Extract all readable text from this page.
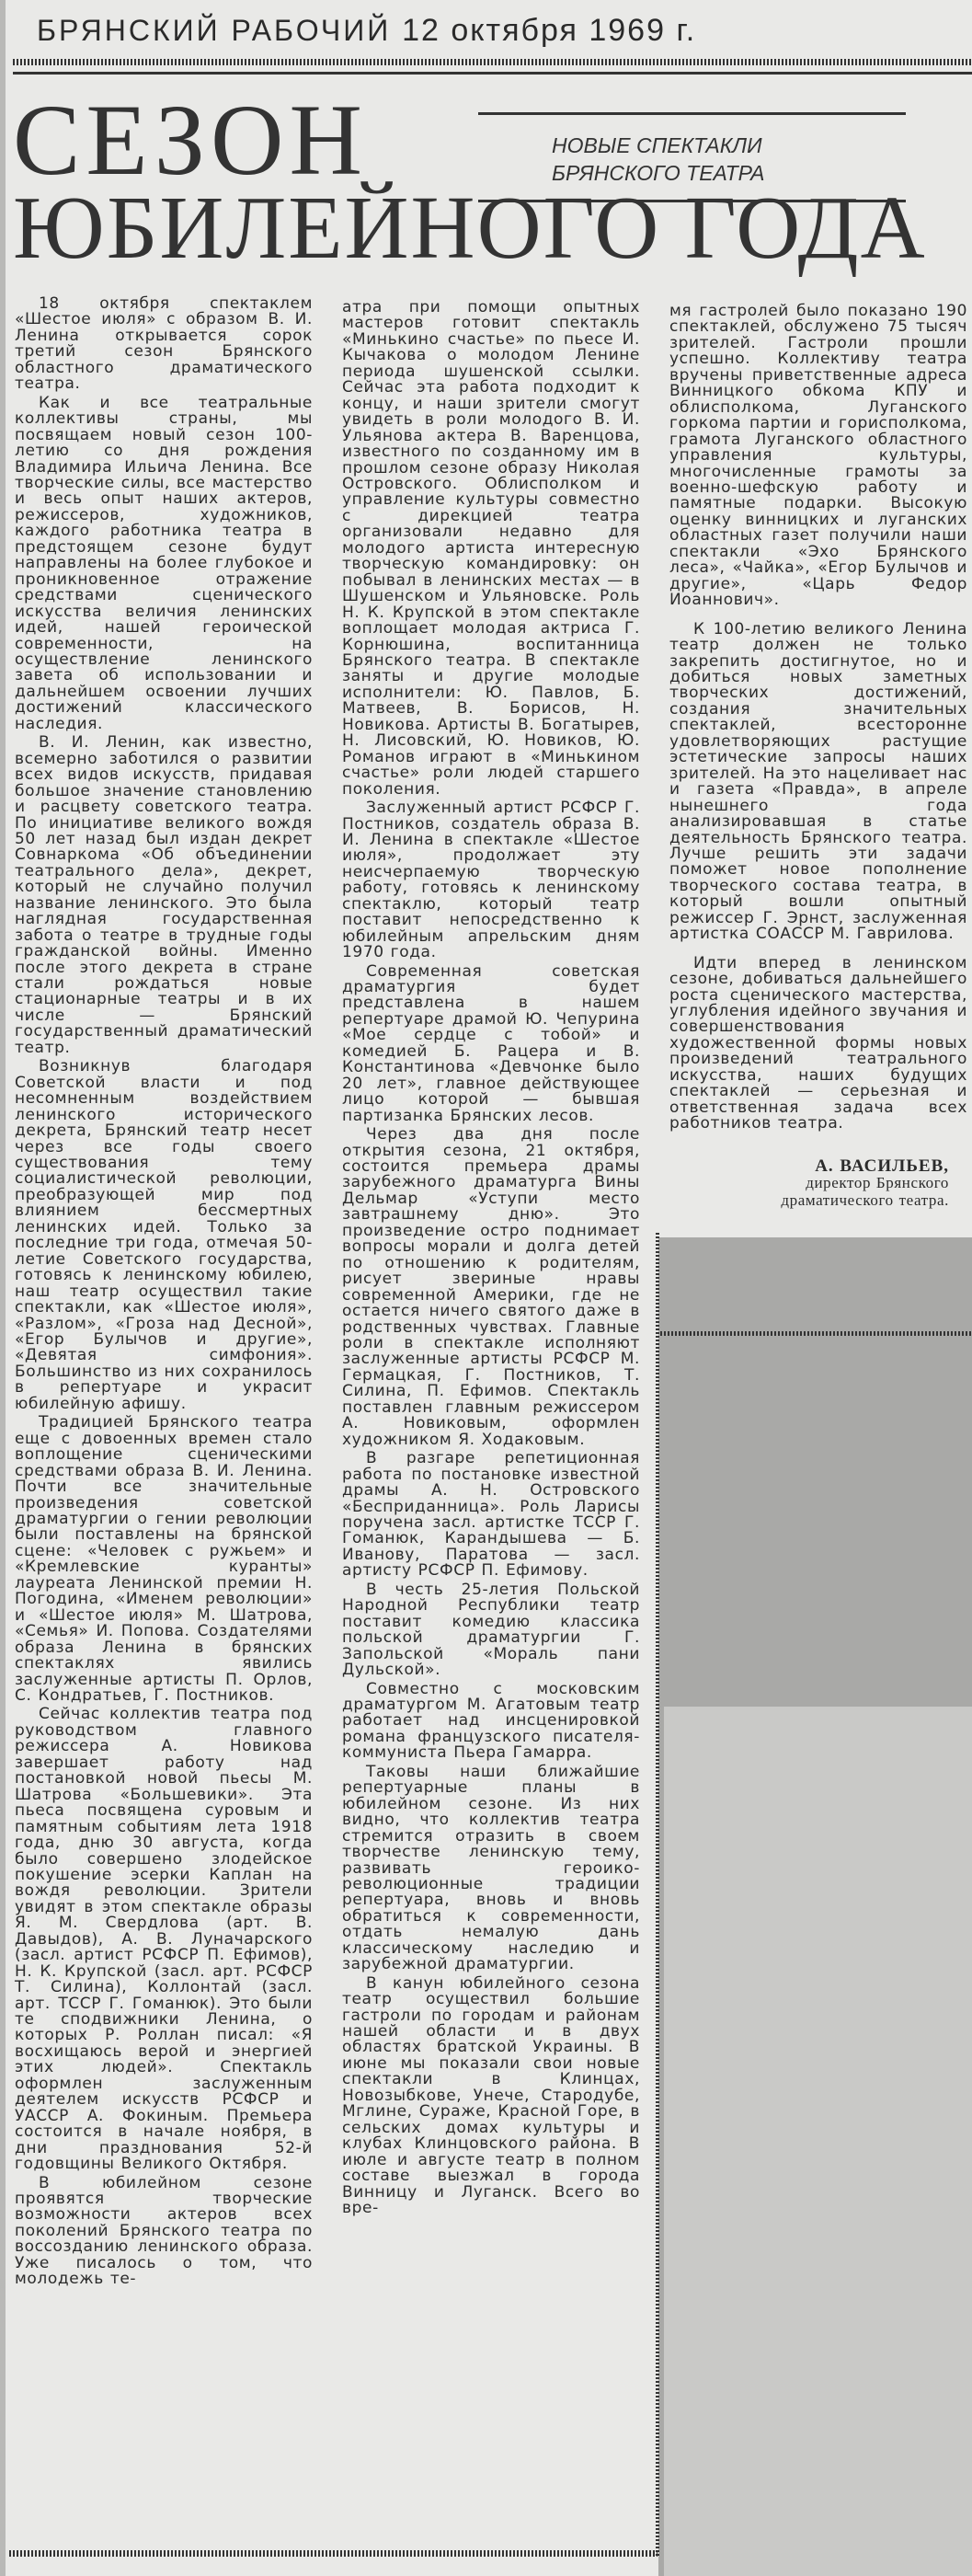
БРЯНСКИЙ РАБОЧИЙ 12 октября 1969 г.
СЕЗОН
ЮБИЛЕЙНОГО ГОДА
НОВЫЕ СПЕКТАКЛИ
БРЯНСКОГО ТЕАТРА

18 октября спектаклем «Шестое июля» с образом В. И. Ленина открывается сорок третий сезон Брянского областного драматического театра.

Как и все театральные коллективы страны, мы посвящаем новый сезон 100-летию со дня рождения Владимира Ильича Ленина. Все творческие силы, все мастерство и весь опыт наших актеров, режиссеров, художников, каждого работника театра в предстоящем сезоне будут направлены на более глубокое и проникновенное отражение средствами сценического искусства величия ленинских идей, нашей героической современности, на осуществление ленинского завета об использовании и дальнейшем освоении лучших достижений классического наследия.

В. И. Ленин, как известно, всемерно заботился о развитии всех видов искусств, придавая большое значение становлению и расцвету советского театра. По инициативе великого вождя 50 лет назад был издан декрет Совнаркома «Об объединении театрального дела», декрет, который не случайно получил название ленинского. Это была наглядная государственная забота о театре в трудные годы гражданской войны. Именно после этого декрета в стране стали рождаться новые стационарные театры и в их числе — Брянский государственный драматический театр.

Возникнув благодаря Советской власти и под несомненным воздействием ленинского исторического декрета, Брянский театр несет через все годы своего существования тему социалистической революции, преобразующей мир под влиянием бессмертных ленинских идей. Только за последние три года, отмечая 50-летие Советского государства, готовясь к ленинскому юбилею, наш театр осуществил такие спектакли, как «Шестое июля», «Разлом», «Гроза над Десной», «Егор Булычов и другие», «Девятая симфония». Большинство из них сохранилось в репертуаре и украсит юбилейную афишу.

Традицией Брянского театра еще с довоенных времен стало воплощение сценическими средствами образа В. И. Ленина. Почти все значительные произведения советской драматургии о гении революции были поставлены на брянской сцене: «Человек с ружьем» и «Кремлевские куранты» лауреата Ленинской премии Н. Погодина, «Именем революции» и «Шестое июля» М. Шатрова, «Семья» И. Попова. Создателями образа Ленина в брянских спектаклях явились заслуженные артисты П. Орлов, С. Кондратьев, Г. Постников.

Сейчас коллектив театра под руководством главного режиссера А. Новикова завершает работу над постановкой новой пьесы М. Шатрова «Большевики». Эта пьеса посвящена суровым и памятным событиям лета 1918 года, дню 30 августа, когда было совершено злодейское покушение эсерки Каплан на вождя революции. Зрители увидят в этом спектакле образы Я. М. Свердлова (арт. В. Давыдов), А. В. Луначарского (засл. артист РСФСР П. Ефимов), Н. К. Крупской (засл. арт. РСФСР Т. Силина), Коллонтай (засл. арт. ТССР Г. Гоманюк). Это были те сподвижники Ленина, о которых Р. Роллан писал: «Я восхищаюсь верой и энергией этих людей». Спектакль оформлен заслуженным деятелем искусств РСФСР и УАССР А. Фокиным. Премьера состоится в начале ноября, в дни празднования 52-й годовщины Великого Октября.

В юбилейном сезоне проявятся творческие возможности актеров всех поколений Брянского театра по воссозданию ленинского образа. Уже писалось о том, что молодежь те-

атра при помощи опытных мастеров готовит спектакль «Минькино счастье» по пьесе И. Кычакова о молодом Ленине периода шушенской ссылки. Сейчас эта работа подходит к концу, и наши зрители смогут увидеть в роли молодого В. И. Ульянова актера В. Варенцова, известного по созданному им в прошлом сезоне образу Николая Островского. Облисполком и управление культуры совместно с дирекцией театра организовали недавно для молодого артиста интересную творческую командировку: он побывал в ленинских местах — в Шушенском и Ульяновске. Роль Н. К. Крупской в этом спектакле воплощает молодая актриса Г. Корнюшина, воспитанница Брянского театра. В спектакле заняты и другие молодые исполнители: Ю. Павлов, Б. Матвеев, В. Борисов, Н. Новикова. Артисты В. Богатырев, Н. Лисовский, Ю. Новиков, Ю. Романов играют в «Минькином счастье» роли людей старшего поколения.

Заслуженный артист РСФСР Г. Постников, создатель образа В. И. Ленина в спектакле «Шестое июля», продолжает эту неисчерпаемую творческую работу, готовясь к ленинскому спектаклю, который театр поставит непосредственно к юбилейным апрельским дням 1970 года.

Современная советская драматургия будет представлена в нашем репертуаре драмой Ю. Чепурина «Мое сердце с тобой» и комедией Б. Рацера и В. Константинова «Девчонке было 20 лет», главное действующее лицо которой — бывшая партизанка Брянских лесов.

Через два дня после открытия сезона, 21 октября, состоится премьера драмы зарубежного драматурга Вины Дельмар «Уступи место завтрашнему дню». Это произведение остро поднимает вопросы морали и долга детей по отношению к родителям, рисует звериные нравы современной Америки, где не остается ничего святого даже в родственных чувствах. Главные роли в спектакле исполняют заслуженные артисты РСФСР М. Гермацкая, Г. Постников, Т. Силина, П. Ефимов. Спектакль поставлен главным режиссером А. Новиковым, оформлен художником Я. Ходаковым.

В разгаре репетиционная работа по постановке известной драмы А. Н. Островского «Бесприданница». Роль Ларисы поручена засл. артистке ТССР Г. Гоманюк, Карандышева — Б. Иванову, Паратова — засл. артисту РСФСР П. Ефимову.

В честь 25-летия Польской Народной Республики театр поставит комедию классика польской драматургии Г. Запольской «Мораль пани Дульской».

Совместно с московским драматургом М. Агатовым театр работает над инсценировкой романа французского писателя-коммуниста Пьера Гамарра.

Таковы наши ближайшие репертуарные планы в юбилейном сезоне. Из них видно, что коллектив театра стремится отразить в своем творчестве ленинскую тему, развивать героико-революционные традиции репертуара, вновь и вновь обратиться к современности, отдать немалую дань классическому наследию и зарубежной драматургии.

В канун юбилейного сезона театр осуществил большие гастроли по городам и районам нашей области и в двух областях братской Украины. В июне мы показали свои новые спектакли в Клинцах, Новозыбкове, Унече, Стародубе, Мглине, Сураже, Красной Горе, в сельских домах культуры и клубах Клинцовского района. В июле и августе театр в полном составе выезжал в города Винницу и Луганск. Всего во вре-

мя гастролей было показано 190 спектаклей, обслужено 75 тысяч зрителей. Гастроли прошли успешно. Коллективу театра вручены приветственные адреса Винницкого обкома КПУ и облисполкома, Луганского горкома партии и горисполкома, грамота Луганского областного управления культуры, многочисленные грамоты за военно-шефскую работу и памятные подарки. Высокую оценку винницких и луганских областных газет получили наши спектакли «Эхо Брянского леса», «Чайка», «Егор Булычов и другие», «Царь Федор Иоаннович».

К 100-летию великого Ленина театр должен не только закрепить достигнутое, но и добиться новых заметных творческих достижений, создания значительных спектаклей, всесторонне удовлетворяющих растущие эстетические запросы наших зрителей. На это нацеливает нас и газета «Правда», в апреле нынешнего года анализировавшая в статье деятельность Брянского театра. Лучше решить эти задачи поможет новое пополнение творческого состава театра, в который вошли опытный режиссер Г. Эрнст, заслуженная артистка СОАССР М. Гаврилова.

Идти вперед в ленинском сезоне, добиваться дальнейшего роста сценического мастерства, углубления идейного звучания и совершенствования художественной формы новых произведений театрального искусства, наших будущих спектаклей — серьезная и ответственная задача всех работников театра.

А. ВАСИЛЬЕВ,
директор Брянского
драматического театра.
